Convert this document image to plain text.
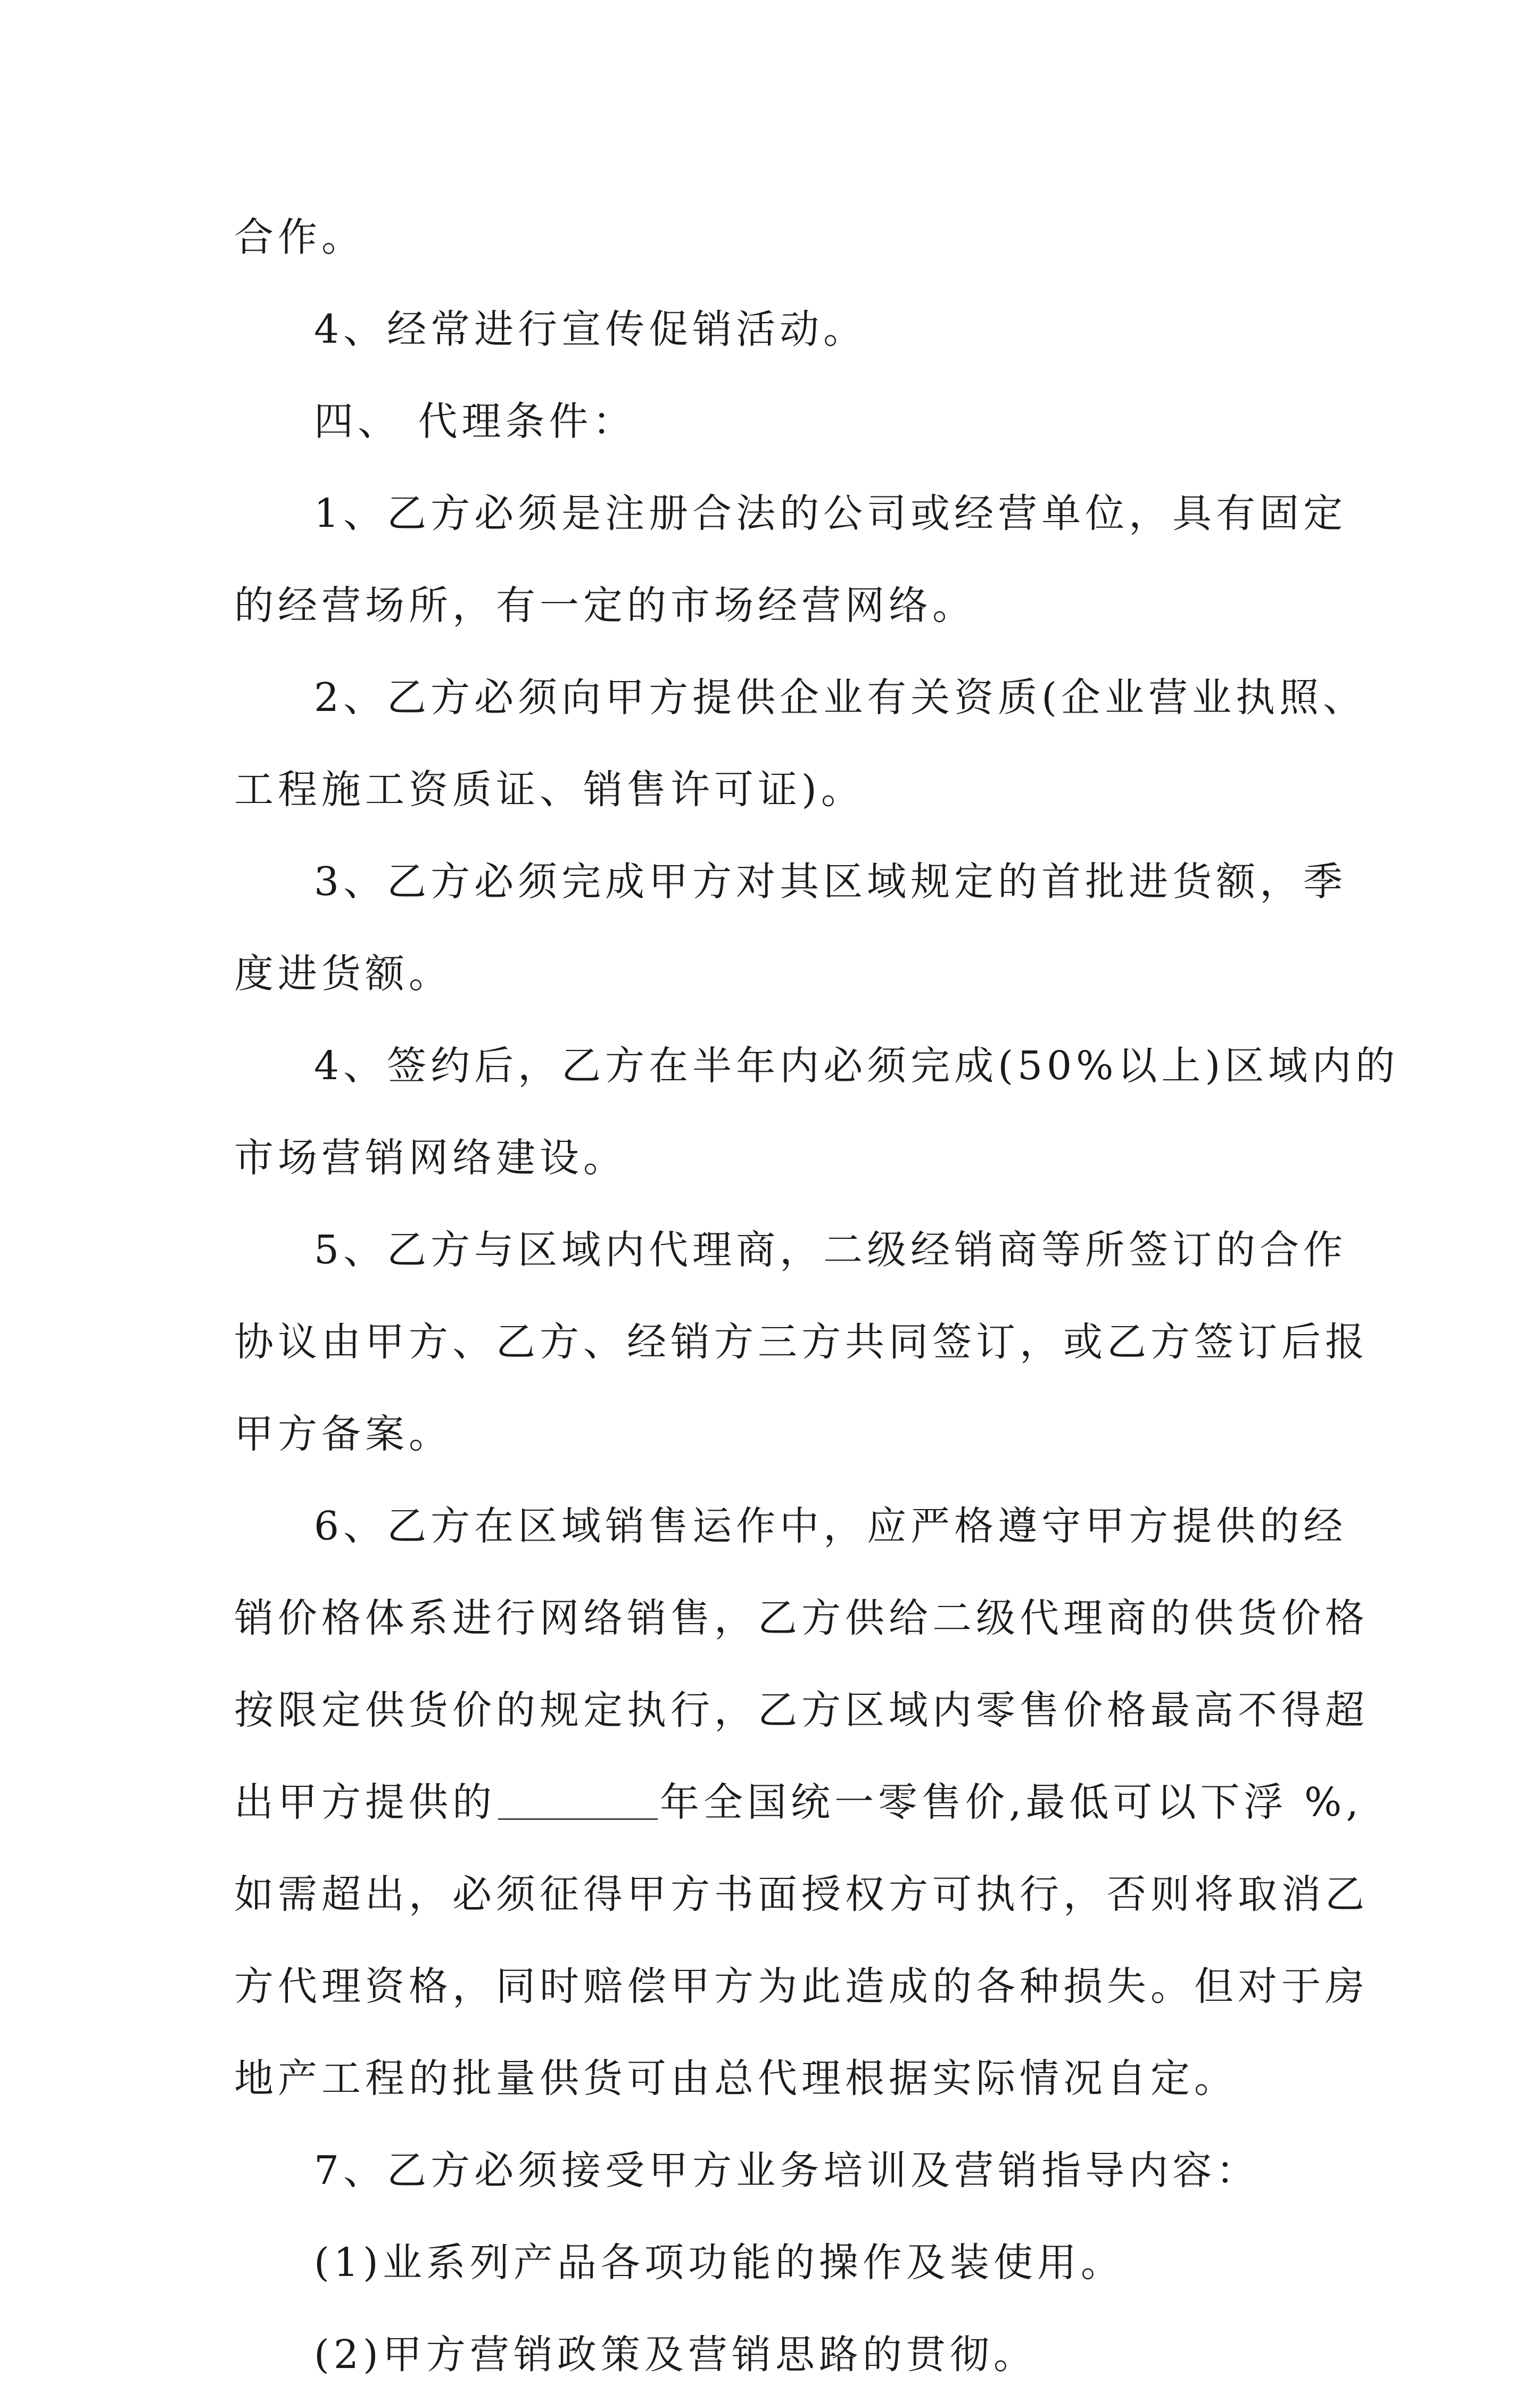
合作。

4、经常进行宣传促销活动。

四、 代理条件：

1、乙方必须是注册合法的公司或经营单位，具有固定
的经营场所，有一定的市场经营网络。

2、乙方必须向甲方提供企业有关资质(企业营业执照、
工程施工资质证、销售许可证)。

3、乙方必须完成甲方对其区域规定的首批进货额，季
度进货额。

4、签约后，乙方在半年内必须完成(50%以上)区域内的
市场营销网络建设。

5、乙方与区域内代理商，二级经销商等所签订的合作
协议由甲方、乙方、经销方三方共同签订，或乙方签订后报
甲方备案。

6、乙方在区域销售运作中，应严格遵守甲方提供的经
销价格体系进行网络销售，乙方供给二级代理商的供货价格
按限定供货价的规定执行，乙方区域内零售价格最高不得超
出甲方提供的	年全国统一零售价,最低可以下浮 %,
如需超出，必须征得甲方书面授权方可执行，否则将取消乙
方代理资格，同时赔偿甲方为此造成的各种损失。但对于房
地产工程的批量供货可由总代理根据实际情况自定。

7、乙方必须接受甲方业务培训及营销指导内容：

(1)业系列产品各项功能的操作及装使用。

(2)甲方营销政策及营销思路的贯彻。
